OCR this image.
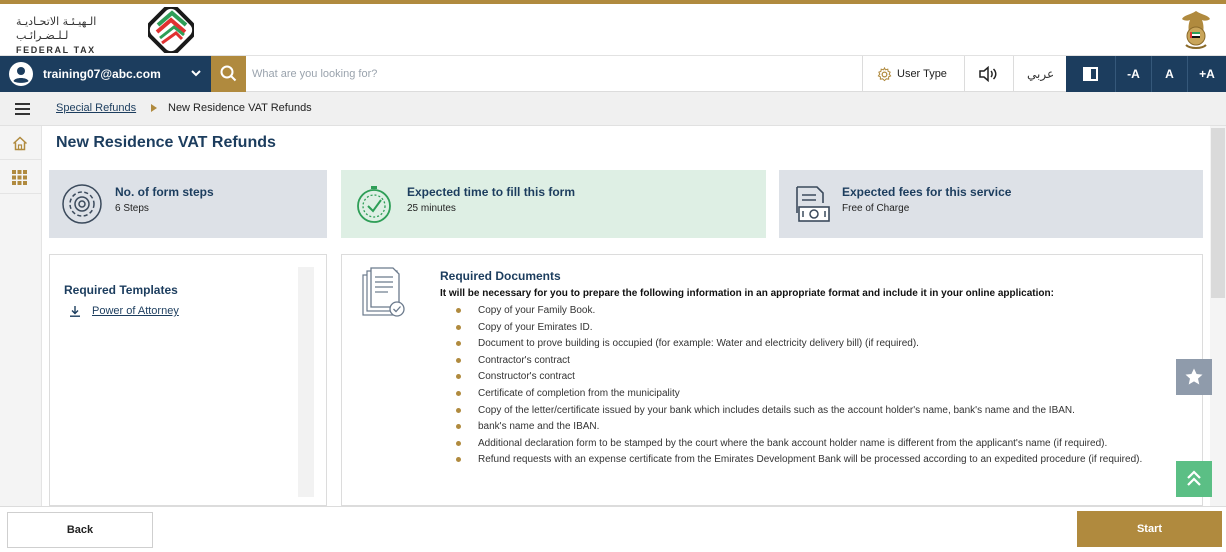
الـهيـئـة الاتحـاديـة لـلـضـرائـب
FEDERAL TAX
training07@abc.com
What are you looking for?	User Type	عربي	-A	A	+A
Special Refunds	New Residence VAT Refunds
New Residence VAT Refunds
No. of form steps
6 Steps
Expected time to fill this form
25 minutes
Expected fees for this service
Free of Charge
Required Templates
Power of Attorney
Required Documents
It will be necessary for you to prepare the following information in an appropriate format and include it in your online application:
Copy of your Family Book.
Copy of your Emirates ID.
Document to prove building is occupied (for example: Water and electricity delivery bill) (if required).
Contractor's contract
Constructor's contract
Certificate of completion from the municipality
Copy of the letter/certificate issued by your bank which includes details such as the account holder's name, bank's name and the IBAN.
bank's name and the IBAN.
Additional declaration form to be stamped by the court where the bank account holder name is different from the applicant's name (if required).
Refund requests with an expense certificate from the Emirates Development Bank will be processed according to an expedited procedure (if required).
Back	Start
